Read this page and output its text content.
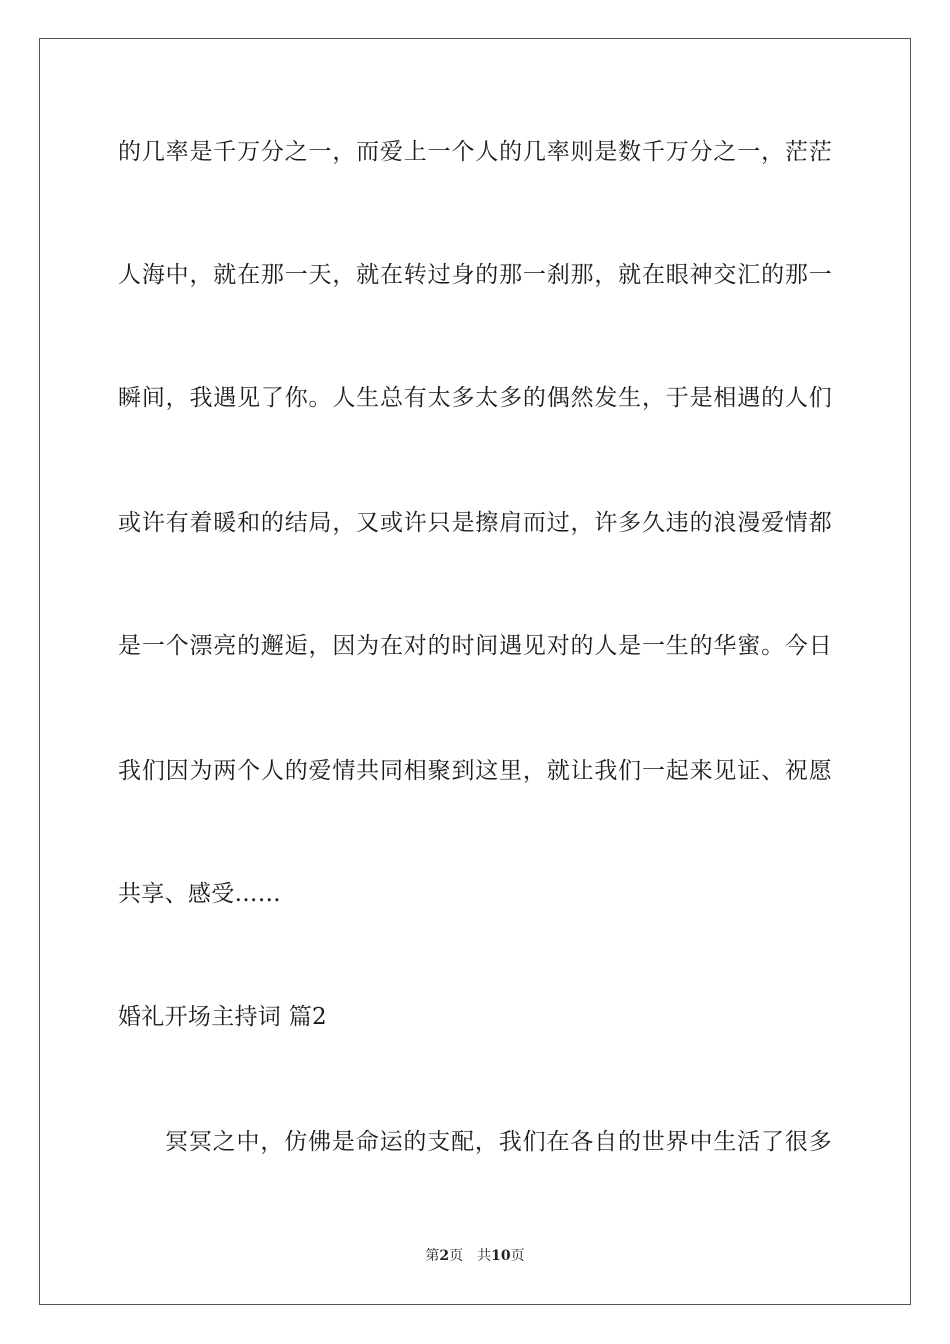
的几率是千万分之一，而爱上一个人的几率则是数千万分之一，茫茫
人海中，就在那一天，就在转过身的那一刹那，就在眼神交汇的那一
瞬间，我遇见了你。人生总有太多太多的偶然发生，于是相遇的人们
或许有着暖和的结局，又或许只是擦肩而过，许多久违的浪漫爱情都
是一个漂亮的邂逅，因为在对的时间遇见对的人是一生的华蜜。今日
我们因为两个人的爱情共同相聚到这里，就让我们一起来见证、祝愿
共享、感受……
婚礼开场主持词 篇2
冥冥之中，仿佛是命运的支配，我们在各自的世界中生活了很多
第2页 共10页
